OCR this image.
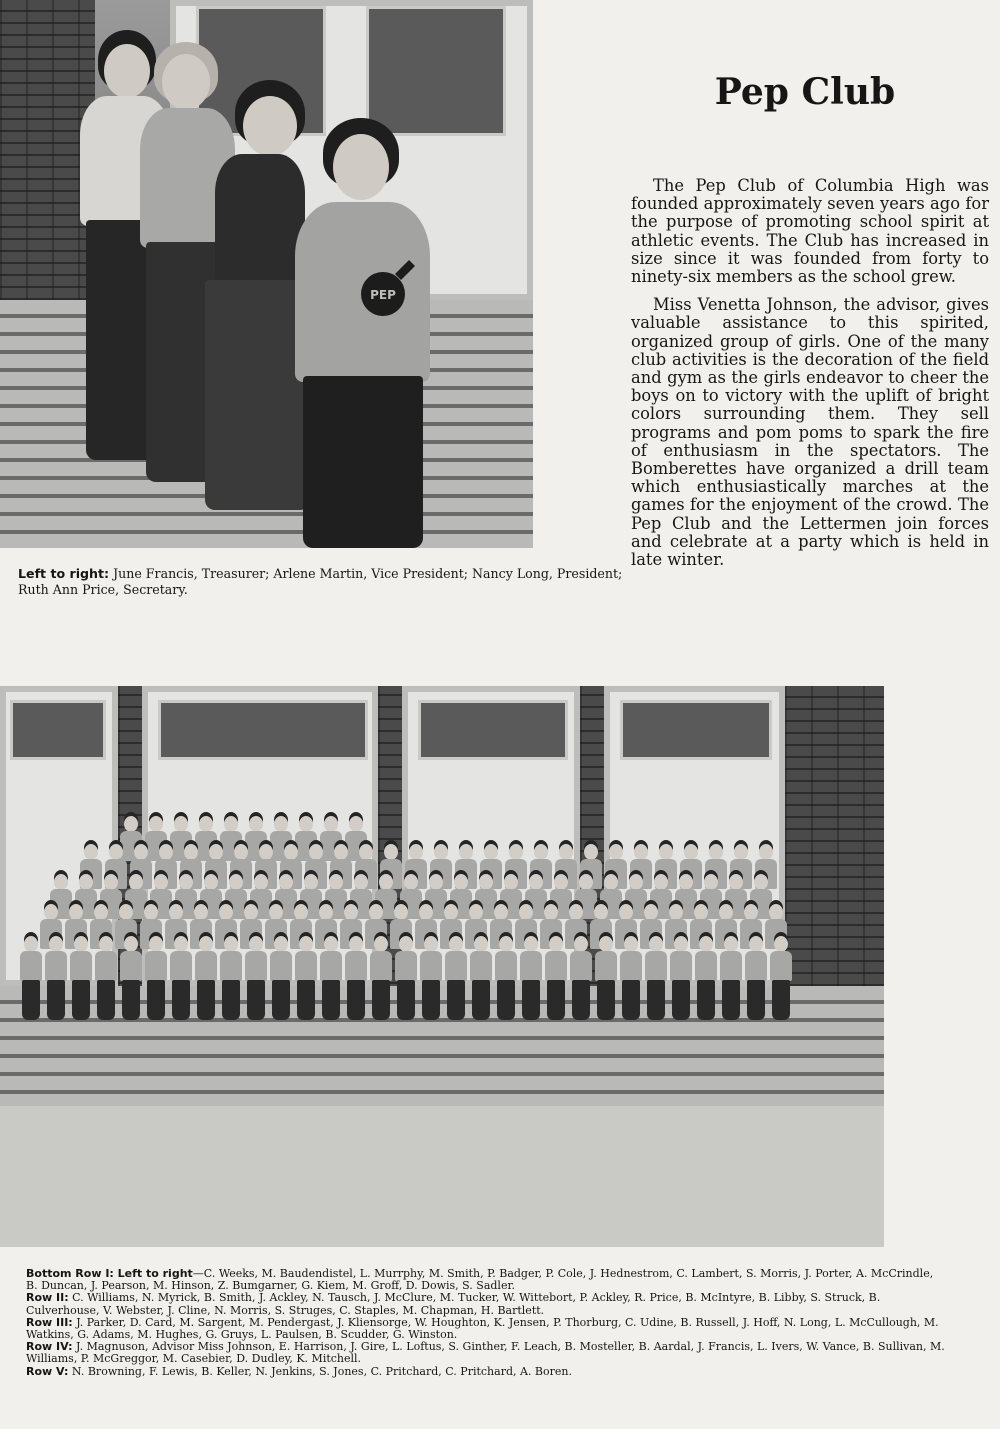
PEP
Pep Club

The Pep Club of Columbia High was founded approximately seven years ago for the purpose of promoting school spirit at athletic events. The Club has increased in size since it was founded from forty to ninety-six members as the school grew.

Miss Venetta Johnson, the advisor, gives valuable assistance to this spirited, organized group of girls. One of the many club activities is the decoration of the field and gym as the girls endeavor to cheer the boys on to victory with the uplift of bright colors surrounding them. They sell programs and pom poms to spark the fire of enthusiasm in the spectators. The Bomberettes have organized a drill team which enthusiastically marches at the games for the enjoyment of the crowd. The Pep Club and the Lettermen join forces and celebrate at a party which is held in late winter.

Left to right: June Francis, Treasurer; Arlene Martin, Vice President; Nancy Long, President; Ruth Ann Price, Secretary.

Bottom Row I: Left to right—C. Weeks, M. Baudendistel, L. Murrphy, M. Smith, P. Badger, P. Cole, J. Hednestrom, C. Lambert, S. Morris, J. Porter, A. McCrindle, B. Duncan, J. Pearson, M. Hinson, Z. Bumgarner, G. Kiem, M. Groff, D. Dowis, S. Sadler.

Row II: C. Williams, N. Myrick, B. Smith, J. Ackley, N. Tausch, J. McClure, M. Tucker, W. Wittebort, P. Ackley, R. Price, B. McIntyre, B. Libby, S. Struck, B. Culverhouse, V. Webster, J. Cline, N. Morris, S. Struges, C. Staples, M. Chapman, H. Bartlett.

Row III: J. Parker, D. Card, M. Sargent, M. Pendergast, J. Kliensorge, W. Houghton, K. Jensen, P. Thorburg, C. Udine, B. Russell, J. Hoff, N. Long, L. McCullough, M. Watkins, G. Adams, M. Hughes, G. Gruys, L. Paulsen, B. Scudder, G. Winston.

Row IV: J. Magnuson, Advisor Miss Johnson, E. Harrison, J. Gire, L. Loftus, S. Ginther, F. Leach, B. Mosteller, B. Aardal, J. Francis, L. Ivers, W. Vance, B. Sullivan, M. Williams, P. McGreggor, M. Casebier, D. Dudley, K. Mitchell.

Row V: N. Browning, F. Lewis, B. Keller, N. Jenkins, S. Jones, C. Pritchard, C. Pritchard, A. Boren.
